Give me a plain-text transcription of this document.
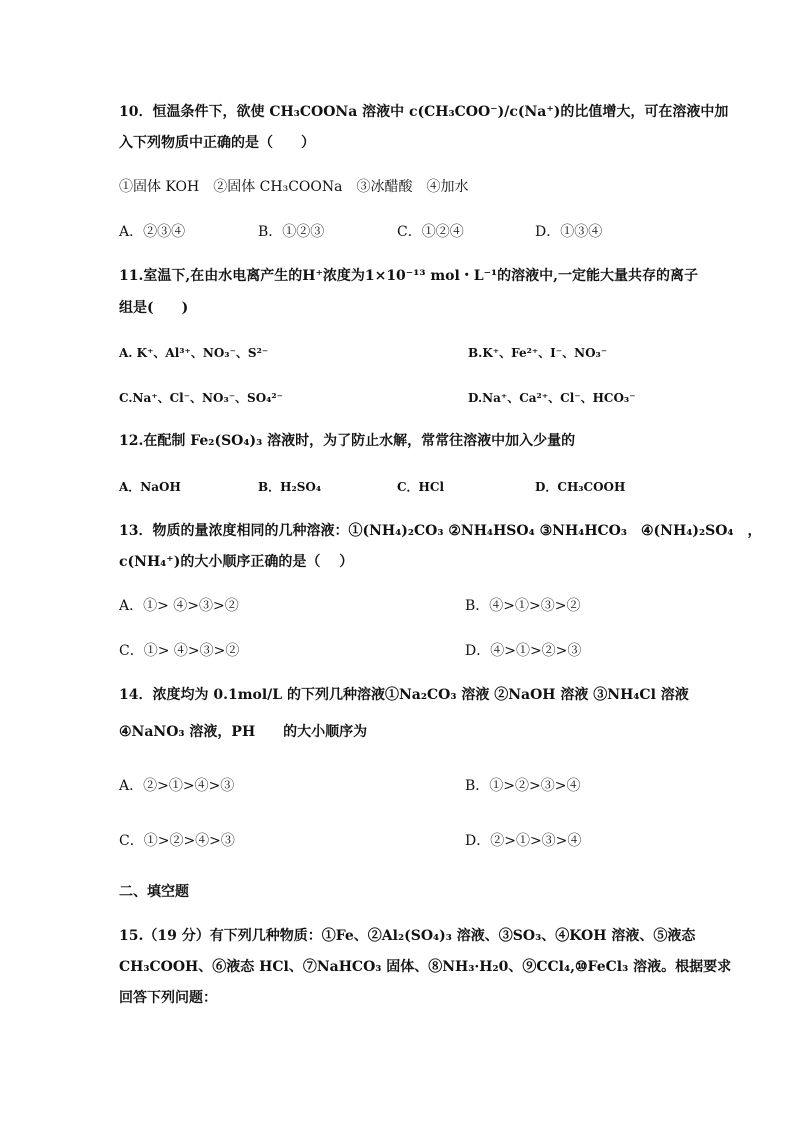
10．恒温条件下，欲使 CH₃COONa 溶液中 c(CH₃COO⁻)/c(Na⁺)的比值增大，可在溶液中加
入下列物质中正确的是（　　）
①固体 KOH　②固体 CH₃COONa　③冰醋酸　④加水
A．②③④	B．①②③	C．①②④	D．①③④
11.室温下,在由水电离产生的H⁺浓度为1×10⁻¹³ mol・L⁻¹的溶液中,一定能大量共存的离子
组是(　　)
A. K⁺、Al³⁺、NO₃⁻、S²⁻	B.K⁺、Fe²⁺、I⁻、NO₃⁻
C.Na⁺、Cl⁻、NO₃⁻、SO₄²⁻	D.Na⁺、Ca²⁺、Cl⁻、HCO₃⁻
12.在配制 Fe₂(SO₄)₃ 溶液时，为了防止水解，常常往溶液中加入少量的
A．NaOH	B．H₂SO₄	C．HCl	D．CH₃COOH
13．物质的量浓度相同的几种溶液：①(NH₄)₂CO₃ ②NH₄HSO₄ ③NH₄HCO₃　④(NH₄)₂SO₄　，
c(NH₄⁺)的大小顺序正确的是（　 ）
A．①> ④>③>②	B．④>①>③>②
C．①> ④>③>②	D．④>①>②>③
14．浓度均为 0.1mol/L 的下列几种溶液①Na₂CO₃ 溶液 ②NaOH 溶液 ③NH₄Cl 溶液
④NaNO₃ 溶液，PH　　的大小顺序为
A．②>①>④>③	B．①>②>③>④
C．①>②>④>③	D．②>①>③>④
二、填空题
15.（19 分）有下列几种物质：①Fe、②Al₂(SO₄)₃ 溶液、③SO₃、④KOH 溶液、⑤液态
CH₃COOH、⑥液态 HCl、⑦NaHCO₃ 固体、⑧NH₃·H₂0、⑨CCl₄,⑩FeCl₃ 溶液。根据要求
回答下列问题：
